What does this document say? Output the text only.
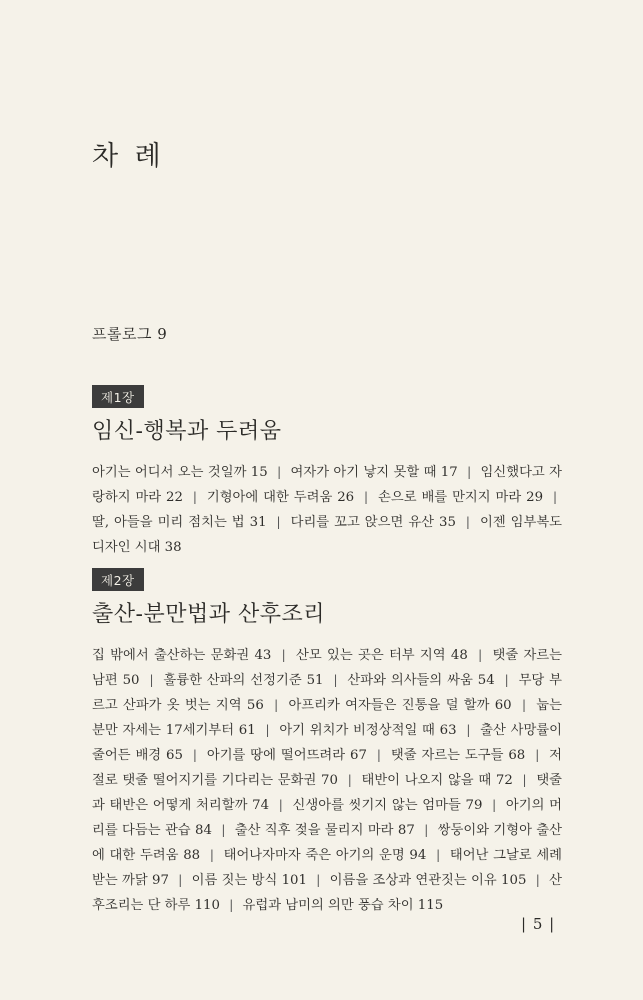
차 례
프롤로그 9
제1장
임신-행복과 두려움
아기는 어디서 오는 것일까 15 | 여자가 아기 낳지 못할 때 17 | 임신했다고 자랑하지 마라 22 | 기형아에 대한 두려움 26 | 손으로 배를 만지지 마라 29 | 딸, 아들을 미리 점치는 법 31 | 다리를 꼬고 앉으면 유산 35 | 이젠 임부복도 디자인 시대 38
제2장
출산-분만법과 산후조리
집 밖에서 출산하는 문화권 43 | 산모 있는 곳은 터부 지역 48 | 탯줄 자르는 남편 50 | 훌륭한 산파의 선정기준 51 | 산파와 의사들의 싸움 54 | 무당 부르고 산파가 옷 벗는 지역 56 | 아프리카 여자들은 진통을 덜 할까 60 | 눕는 분만 자세는 17세기부터 61 | 아기 위치가 비정상적일 때 63 | 출산 사망률이 줄어든 배경 65 | 아기를 땅에 떨어뜨려라 67 | 탯줄 자르는 도구들 68 | 저절로 탯줄 떨어지기를 기다리는 문화권 70 | 태반이 나오지 않을 때 72 | 탯줄과 태반은 어떻게 처리할까 74 | 신생아를 씻기지 않는 엄마들 79 | 아기의 머리를 다듬는 관습 84 | 출산 직후 젖을 물리지 마라 87 | 쌍둥이와 기형아 출산에 대한 두려움 88 | 태어나자마자 죽은 아기의 운명 94 | 태어난 그날로 세례 받는 까닭 97 | 이름 짓는 방식 101 | 이름을 조상과 연관짓는 이유 105 | 산후조리는 단 하루 110 | 유럽과 남미의 의만 풍습 차이 115
| 5 |
